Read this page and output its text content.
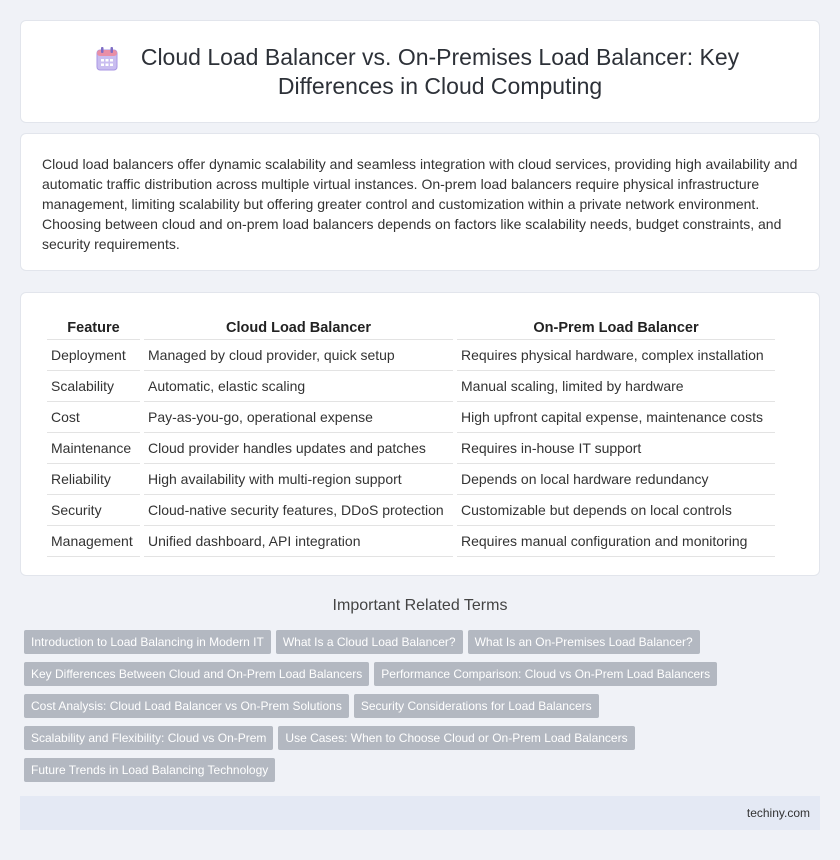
Cloud Load Balancer vs. On-Premises Load Balancer: Key Differences in Cloud Computing

Cloud load balancers offer dynamic scalability and seamless integration with cloud services, providing high availability and automatic traffic distribution across multiple virtual instances. On-prem load balancers require physical infrastructure management, limiting scalability but offering greater control and customization within a private network environment. Choosing between cloud and on-prem load balancers depends on factors like scalability needs, budget constraints, and security requirements.

Feature	Cloud Load Balancer	On-Prem Load Balancer
Deployment	Managed by cloud provider, quick setup	Requires physical hardware, complex installation
Scalability	Automatic, elastic scaling	Manual scaling, limited by hardware
Cost	Pay-as-you-go, operational expense	High upfront capital expense, maintenance costs
Maintenance	Cloud provider handles updates and patches	Requires in-house IT support
Reliability	High availability with multi-region support	Depends on local hardware redundancy
Security	Cloud-native security features, DDoS protection	Customizable but depends on local controls
Management	Unified dashboard, API integration	Requires manual configuration and monitoring
Important Related Terms
Introduction to Load Balancing in Modern IT What Is a Cloud Load Balancer? What Is an On-Premises Load Balancer?
Key Differences Between Cloud and On-Prem Load Balancers Performance Comparison: Cloud vs On-Prem Load Balancers
Cost Analysis: Cloud Load Balancer vs On-Prem Solutions Security Considerations for Load Balancers
Scalability and Flexibility: Cloud vs On-Prem Use Cases: When to Choose Cloud or On-Prem Load Balancers
Future Trends in Load Balancing Technology
techiny.com
